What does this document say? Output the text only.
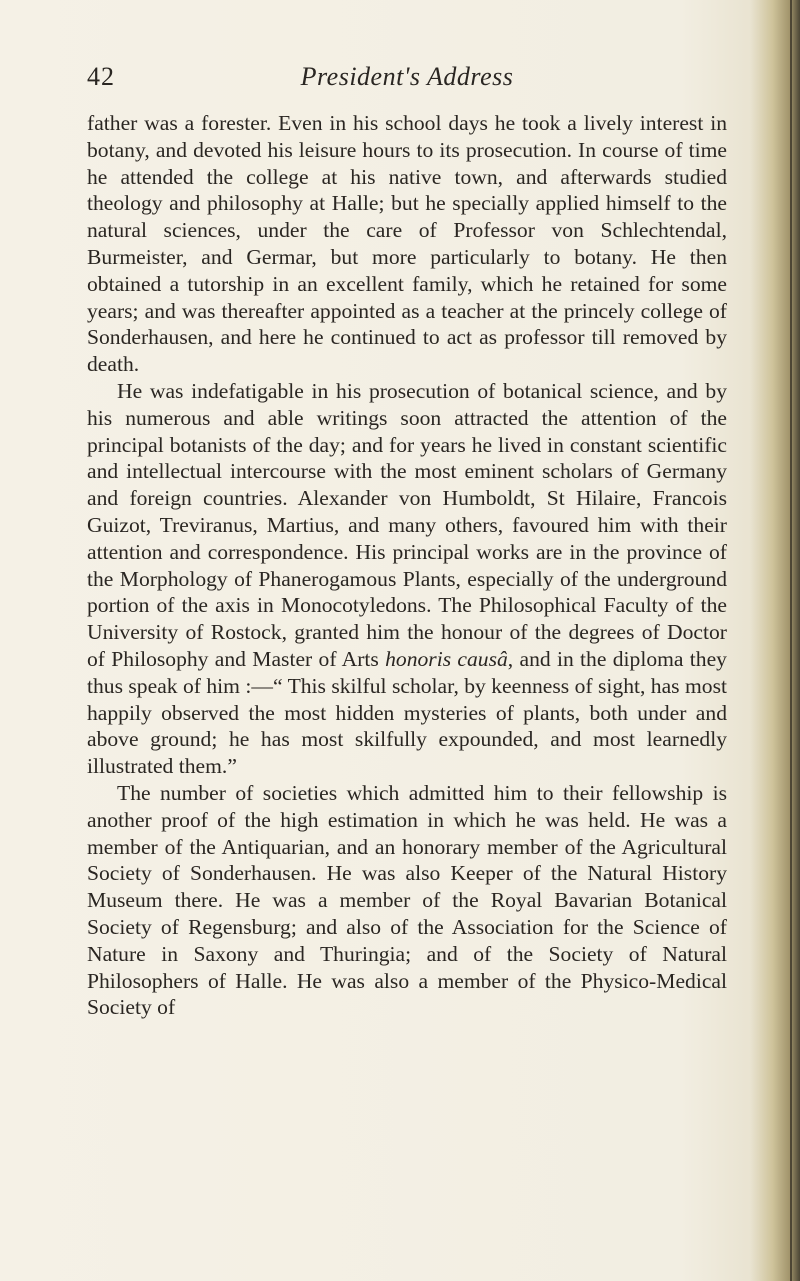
42	President's Address

father was a forester. Even in his school days he took a lively interest in botany, and devoted his leisure hours to its prosecution. In course of time he attended the college at his native town, and afterwards studied theology and philosophy at Halle; but he specially applied himself to the natural sciences, under the care of Professor von Schlechtendal, Burmeister, and Germar, but more particularly to botany. He then obtained a tutorship in an excellent family, which he retained for some years; and was thereafter appointed as a teacher at the princely college of Sonderhausen, and here he continued to act as professor till removed by death.

He was indefatigable in his prosecution of botanical science, and by his numerous and able writings soon attracted the attention of the principal botanists of the day; and for years he lived in constant scientific and intellectual intercourse with the most eminent scholars of Germany and foreign countries. Alexander von Humboldt, St Hilaire, Francois Guizot, Treviranus, Martius, and many others, favoured him with their attention and correspondence. His principal works are in the province of the Morphology of Phanerogamous Plants, especially of the underground portion of the axis in Monocotyledons. The Philosophical Faculty of the University of Rostock, granted him the honour of the degrees of Doctor of Philosophy and Master of Arts honoris causâ, and in the diploma they thus speak of him :—“ This skilful scholar, by keenness of sight, has most happily observed the most hidden mysteries of plants, both under and above ground; he has most skilfully expounded, and most learnedly illustrated them.”

The number of societies which admitted him to their fellowship is another proof of the high estimation in which he was held. He was a member of the Antiquarian, and an honorary member of the Agricultural Society of Sonderhausen. He was also Keeper of the Natural History Museum there. He was a member of the Royal Bavarian Botanical Society of Regensburg; and also of the Association for the Science of Nature in Saxony and Thuringia; and of the Society of Natural Philosophers of Halle. He was also a member of the Physico-Medical Society of
